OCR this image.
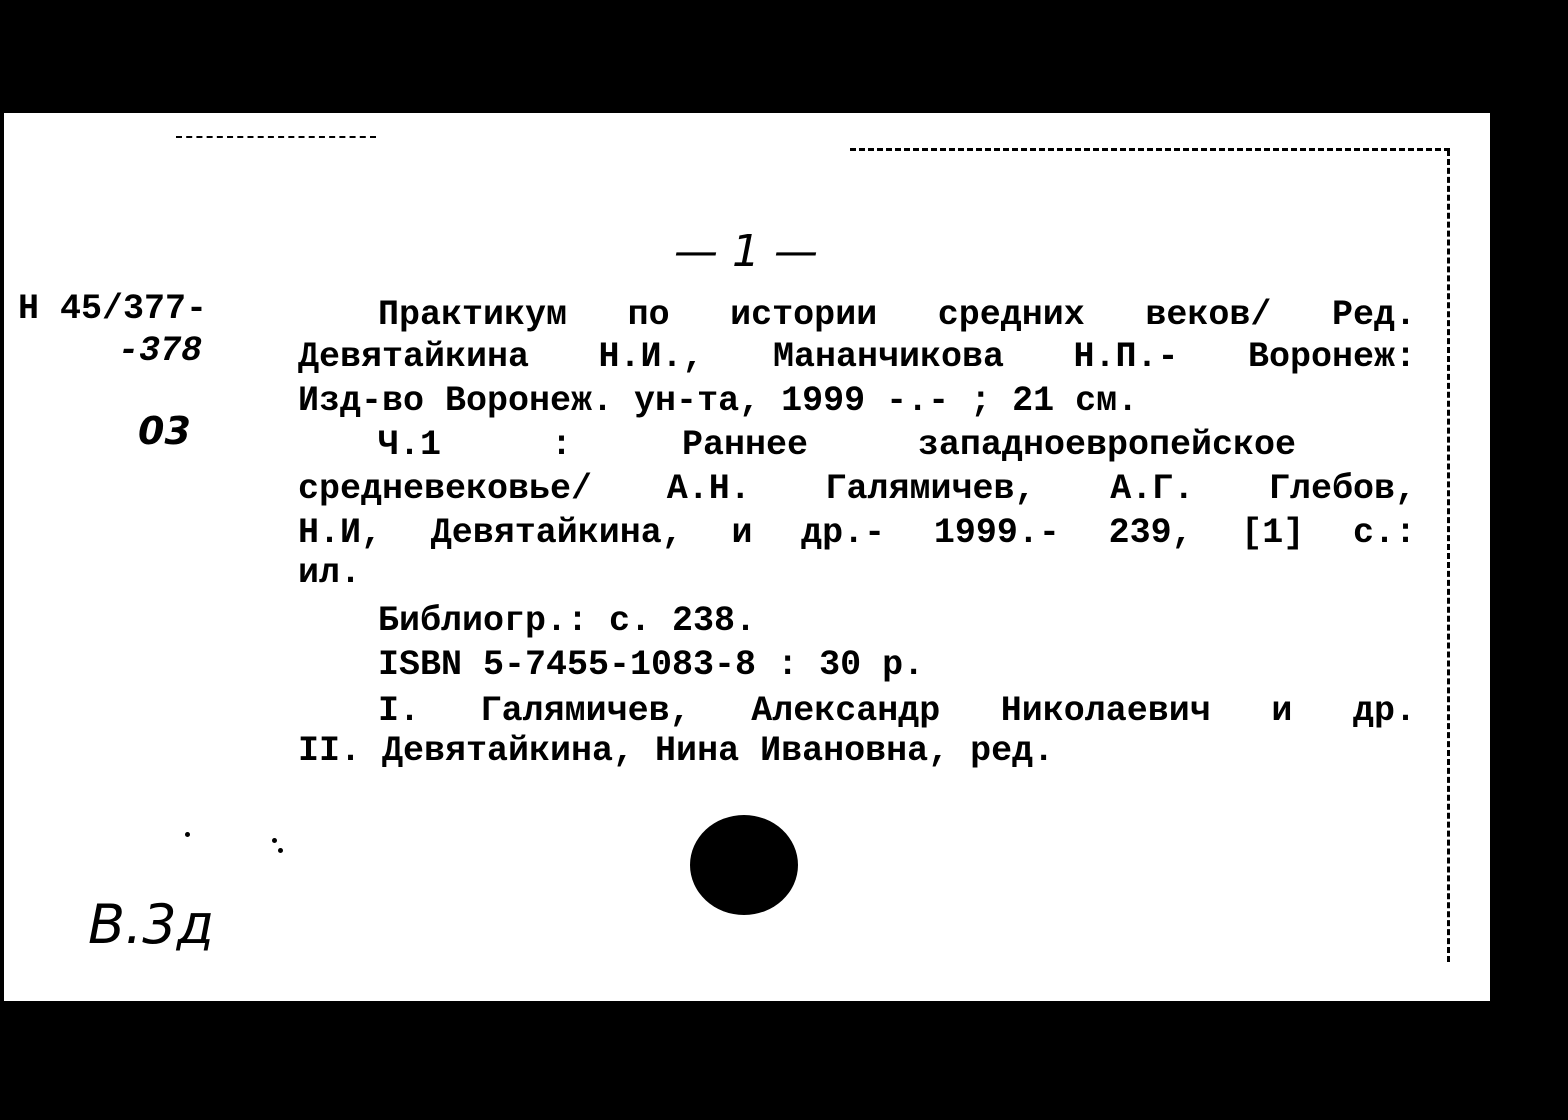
— 1 —
Н 45/377-
-378
03
Практикум по истории средних веков/ Ред.
Девятайкина Н.И., Мананчикова Н.П.- Воронеж:
Изд-во Воронеж. ун-та, 1999 -.- ; 21 см.
Ч.1	:	Раннее	западноевропейское
средневековье/ А.Н. Галямичев, А.Г. Глебов,
Н.И, Девятайкина, и др.- 1999.- 239, [1] с.:
ил.
Библиогр.: с. 238.
ISBN 5-7455-1083-8 : 30 р.
I. Галямичев, Александр Николаевич и др.
II. Девятайкина, Нина Ивановна, ред.
В.3д
